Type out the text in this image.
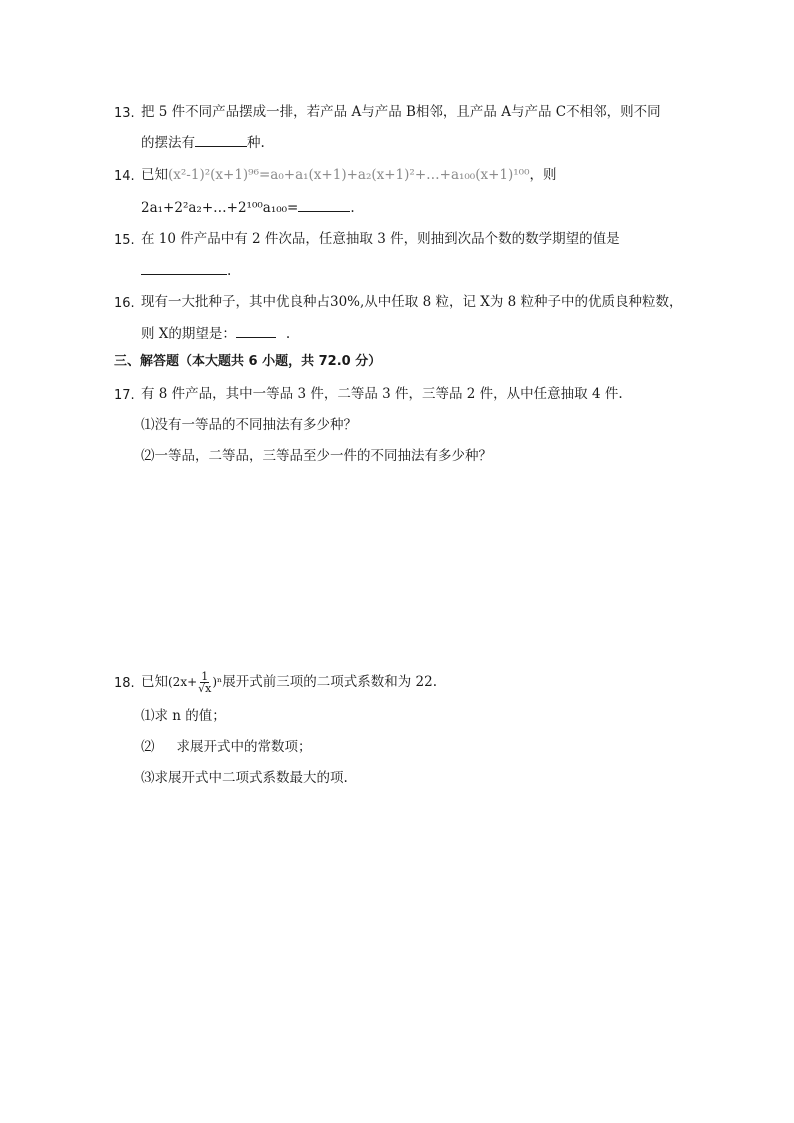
13. 把 5 件不同产品摆成一排，若产品 A与产品 B相邻，且产品 A与产品 C不相邻，则不同
的摆法有	种.
14. 已知(x²-1)²(x+1)⁹⁶=a₀+a₁(x+1)+a₂(x+1)²+…+a₁₀₀(x+1)¹⁰⁰，则
2a₁+2²a₂+…+2¹⁰⁰a₁₀₀=	.
15. 在 10 件产品中有 2 件次品，任意抽取 3 件，则抽到次品个数的数学期望的值是
.
16. 现有一大批种子，其中优良种占30%,从中任取 8 粒，记 X为 8 粒种子中的优质良种粒数，
则 X的期望是：	.
三、解答题（本大题共 6 小题，共 72.0 分）
17. 有 8 件产品，其中一等品 3 件，二等品 3 件，三等品 2 件，从中任意抽取 4 件.
⑴没有一等品的不同抽法有多少种？
⑵一等品，二等品，三等品至少一件的不同抽法有多少种？
18. 已知$(2x+ \frac{1}{√x} )^n$展开式前三项的二项式系数和为 22.
⑴求 n 的值；
⑵ 求展开式中的常数项；
⑶求展开式中二项式系数最大的项.
